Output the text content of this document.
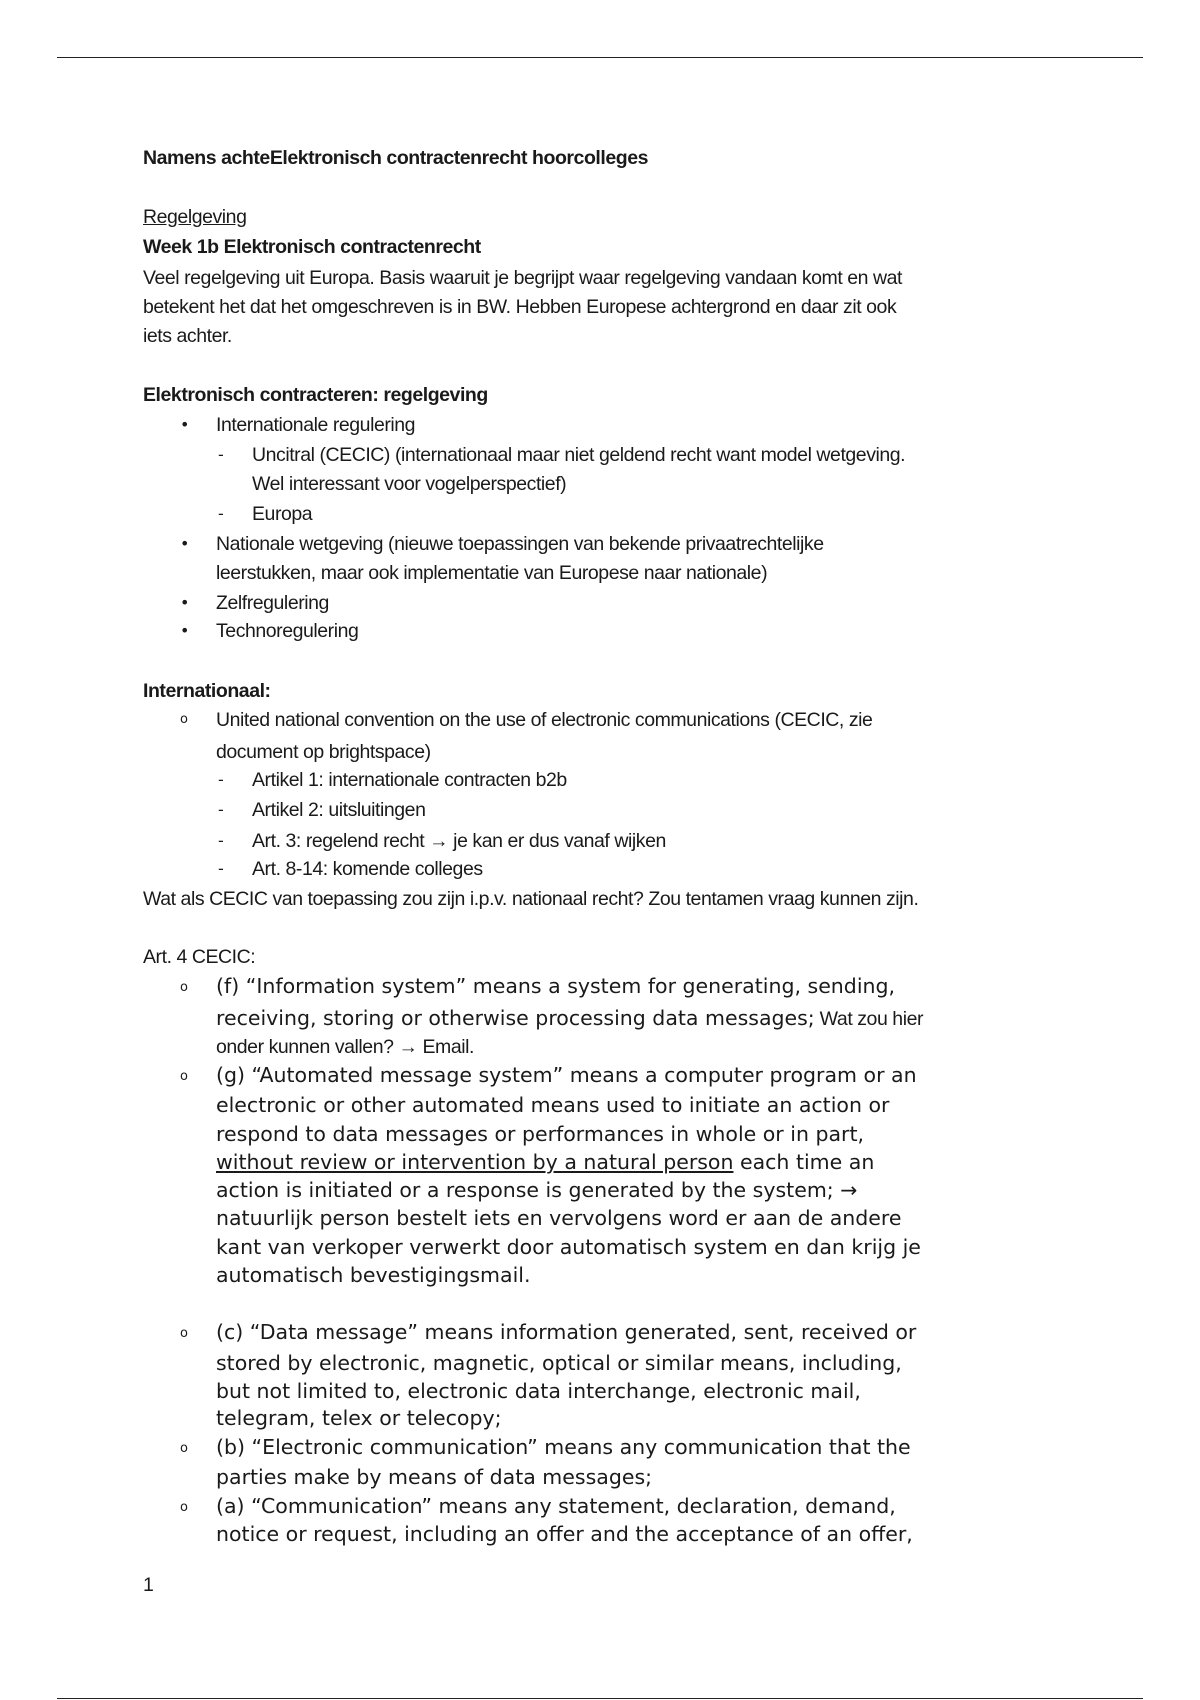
Namens achteElektronisch contractenrecht hoorcolleges
Regelgeving
Week 1b Elektronisch contractenrecht
Veel regelgeving uit Europa. Basis waaruit je begrijpt waar regelgeving vandaan komt en wat
betekent het dat het omgeschreven is in BW. Hebben Europese achtergrond en daar zit ook
iets achter.
Elektronisch contracteren: regelgeving
• Internationale regulering
- Uncitral (CECIC) (internationaal maar niet geldend recht want model wetgeving.
Wel interessant voor vogelperspectief)
- Europa
• Nationale wetgeving (nieuwe toepassingen van bekende privaatrechtelijke
leerstukken, maar ook implementatie van Europese naar nationale)
• Zelfregulering
• Technoregulering
Internationaal:
o United national convention on the use of electronic communications (CECIC, zie
document op brightspace)
- Artikel 1: internationale contracten b2b
- Artikel 2: uitsluitingen
- Art. 3: regelend recht → je kan er dus vanaf wijken
- Art. 8-14: komende colleges
Wat als CECIC van toepassing zou zijn i.p.v. nationaal recht? Zou tentamen vraag kunnen zijn.
Art. 4 CECIC:
o (f) “Information system” means a system for generating, sending,
receiving, storing or otherwise processing data messages; Wat zou hier
onder kunnen vallen? → Email.
o (g) “Automated message system” means a computer program or an
electronic or other automated means used to initiate an action or
respond to data messages or performances in whole or in part,
without review or intervention by a natural person each time an
action is initiated or a response is generated by the system; →
natuurlijk person bestelt iets en vervolgens word er aan de andere
kant van verkoper verwerkt door automatisch system en dan krijg je
automatisch bevestigingsmail.
o (c) “Data message” means information generated, sent, received or
stored by electronic, magnetic, optical or similar means, including,
but not limited to, electronic data interchange, electronic mail,
telegram, telex or telecopy;
o (b) “Electronic communication” means any communication that the
parties make by means of data messages;
o (a) “Communication” means any statement, declaration, demand,
notice or request, including an offer and the acceptance of an offer,
1
